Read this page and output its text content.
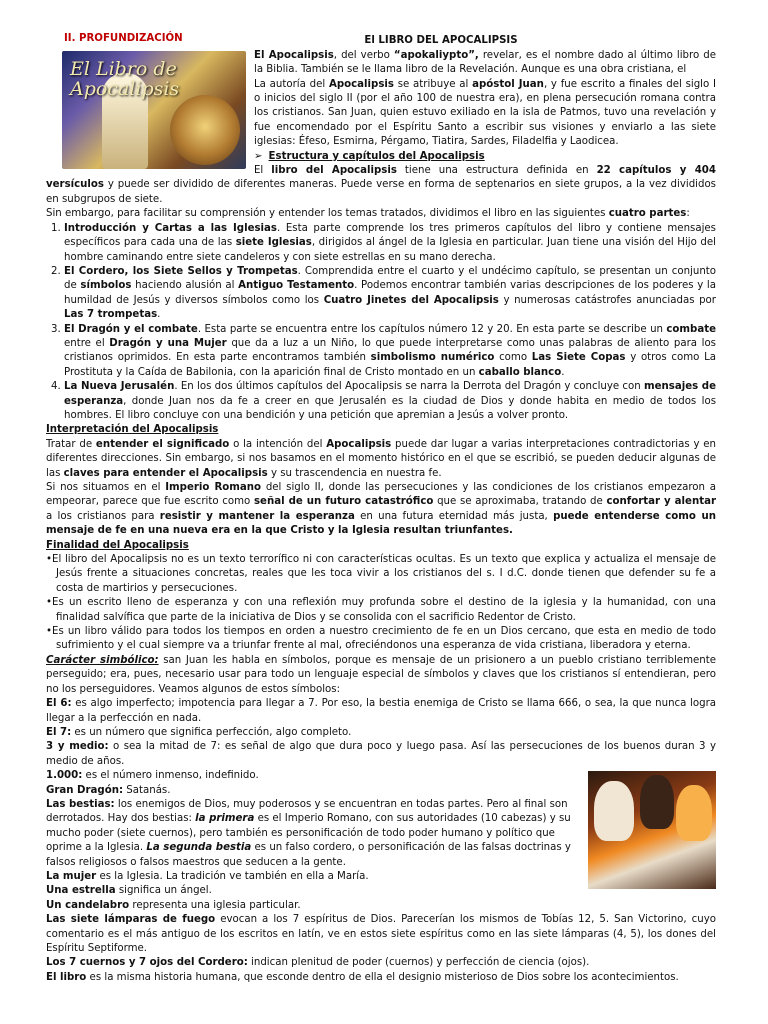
II. PROFUNDIZACIÓN	El LIBRO DEL APOCALIPSIS
El Libro de Apocalipsis

El Apocalipsis, del verbo “apokaliypto”, revelar, es el nombre dado al último libro de la Biblia. También se le llama libro de la Revelación. Aunque es una obra cristiana, el

La autoría del Apocalipsis se atribuye al apóstol Juan, y fue escrito a finales del siglo I o inicios del siglo II (por el año 100 de nuestra era), en plena persecución romana contra los cristianos. San Juan, quien estuvo exiliado en la isla de Patmos, tuvo una revelación y fue encomendado por el Espíritu Santo a escribir sus visiones y enviarlo a las siete iglesias: Éfeso, Esmirna, Pérgamo, Tiatira, Sardes, Filadelfia y Laodicea.

➢ Estructura y capítulos del Apocalipsis

El libro del Apocalipsis tiene una estructura definida en 22 capítulos y 404 versículos y puede ser dividido de diferentes maneras. Puede verse en forma de septenarios en siete grupos, a la vez divididos en subgrupos de siete.

Sin embargo, para facilitar su comprensión y entender los temas tratados, dividimos el libro en las siguientes cuatro partes:

1. Introducción y Cartas a las Iglesias. Esta parte comprende los tres primeros capítulos del libro y contiene mensajes específicos para cada una de las siete Iglesias, dirigidos al ángel de la Iglesia en particular. Juan tiene una visión del Hijo del hombre caminando entre siete candeleros y con siete estrellas en su mano derecha.
2. El Cordero, los Siete Sellos y Trompetas. Comprendida entre el cuarto y el undécimo capítulo, se presentan un conjunto de símbolos haciendo alusión al Antiguo Testamento. Podemos encontrar también varias descripciones de los poderes y la humildad de Jesús y diversos símbolos como los Cuatro Jinetes del Apocalipsis y numerosas catástrofes anunciadas por Las 7 trompetas.
3. El Dragón y el combate. Esta parte se encuentra entre los capítulos número 12 y 20. En esta parte se describe un combate entre el Dragón y una Mujer que da a luz a un Niño, lo que puede interpretarse como unas palabras de aliento para los cristianos oprimidos. En esta parte encontramos también simbolismo numérico como Las Siete Copas y otros como La Prostituta y la Caída de Babilonia, con la aparición final de Cristo montado en un caballo blanco.
4. La Nueva Jerusalén. En los dos últimos capítulos del Apocalipsis se narra la Derrota del Dragón y concluye con mensajes de esperanza, donde Juan nos da fe a creer en que Jerusalén es la ciudad de Dios y donde habita en medio de todos los hombres. El libro concluye con una bendición y una petición que apremian a Jesús a volver pronto.

Interpretación del Apocalipsis

Tratar de entender el significado o la intención del Apocalipsis puede dar lugar a varias interpretaciones contradictorias y en diferentes direcciones. Sin embargo, si nos basamos en el momento histórico en el que se escribió, se pueden deducir algunas de las claves para entender el Apocalipsis y su trascendencia en nuestra fe.

Si nos situamos en el Imperio Romano del siglo II, donde las persecuciones y las condiciones de los cristianos empezaron a empeorar, parece que fue escrito como señal de un futuro catastrófico que se aproximaba, tratando de confortar y alentar a los cristianos para resistir y mantener la esperanza en una futura eternidad más justa, puede entenderse como un mensaje de fe en una nueva era en la que Cristo y la Iglesia resultan triunfantes.

Finalidad del Apocalipsis

• El libro del Apocalipsis no es un texto terrorífico ni con características ocultas. Es un texto que explica y actualiza el mensaje de Jesús frente a situaciones concretas, reales que les toca vivir a los cristianos del s. I d.C. donde tienen que defender su fe a costa de martirios y persecuciones.
• Es un escrito lleno de esperanza y con una reflexión muy profunda sobre el destino de la iglesia y la humanidad, con una finalidad salvífica que parte de la iniciativa de Dios y se consolida con el sacrificio Redentor de Cristo.
• Es un libro válido para todos los tiempos en orden a nuestro crecimiento de fe en un Dios cercano, que esta en medio de todo sufrimiento y el cual siempre va a triunfar frente al mal, ofreciéndonos una esperanza de vida cristiana, liberadora y eterna.

Carácter simbólico: san Juan les habla en símbolos, porque es mensaje de un prisionero a un pueblo cristiano terriblemente perseguido; era, pues, necesario usar para todo un lenguaje especial de símbolos y claves que los cristianos sí entendieran, pero no los perseguidores. Veamos algunos de estos símbolos:

El 6: es algo imperfecto; impotencia para llegar a 7. Por eso, la bestia enemiga de Cristo se llama 666, o sea, la que nunca logra llegar a la perfección en nada.

El 7: es un número que significa perfección, algo completo.

3 y medio: o sea la mitad de 7: es señal de algo que dura poco y luego pasa. Así las persecuciones de los buenos duran 3 y medio de años.

1.000: es el número inmenso, indefinido.

Gran Dragón: Satanás.

Las bestias: los enemigos de Dios, muy poderosos y se encuentran en todas partes. Pero al final son derrotados. Hay dos bestias: la primera es el Imperio Romano, con sus autoridades (10 cabezas) y su mucho poder (siete cuernos), pero también es personificación de todo poder humano y político que oprime a la Iglesia. La segunda bestia es un falso cordero, o personificación de las falsas doctrinas y falsos religiosos o falsos maestros que seducen a la gente.

La mujer es la Iglesia. La tradición ve también en ella a María.

Una estrella significa un ángel.

Un candelabro representa una iglesia particular.

Las siete lámparas de fuego evocan a los 7 espíritus de Dios. Parecerían los mismos de Tobías 12, 5. San Victorino, cuyo comentario es el más antiguo de los escritos en latín, ve en estos siete espíritus como en las siete lámparas (4, 5), los dones del Espíritu Septiforme.

Los 7 cuernos y 7 ojos del Cordero: indican plenitud de poder (cuernos) y perfección de ciencia (ojos).

El libro es la misma historia humana, que esconde dentro de ella el designio misterioso de Dios sobre los acontecimientos.
